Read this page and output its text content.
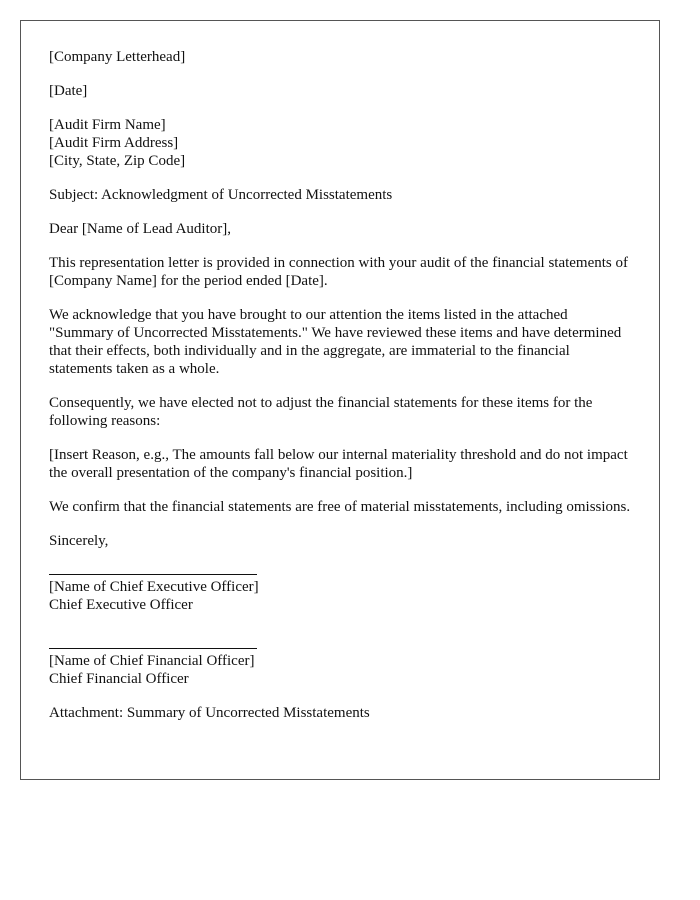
[Company Letterhead]

[Date]

[Audit Firm Name]
[Audit Firm Address]
[City, State, Zip Code]

Subject: Acknowledgment of Uncorrected Misstatements

Dear [Name of Lead Auditor],

This representation letter is provided in connection with your audit of the financial statements of [Company Name] for the period ended [Date].

We acknowledge that you have brought to our attention the items listed in the attached "Summary of Uncorrected Misstatements." We have reviewed these items and have determined that their effects, both individually and in the aggregate, are immaterial to the financial statements taken as a whole.

Consequently, we have elected not to adjust the financial statements for these items for the following reasons:

[Insert Reason, e.g., The amounts fall below our internal materiality threshold and do not impact the overall presentation of the company's financial position.]

We confirm that the financial statements are free of material misstatements, including omissions.

Sincerely,

[Name of Chief Executive Officer]
Chief Executive Officer
[Name of Chief Financial Officer]
Chief Financial Officer

Attachment: Summary of Uncorrected Misstatements
